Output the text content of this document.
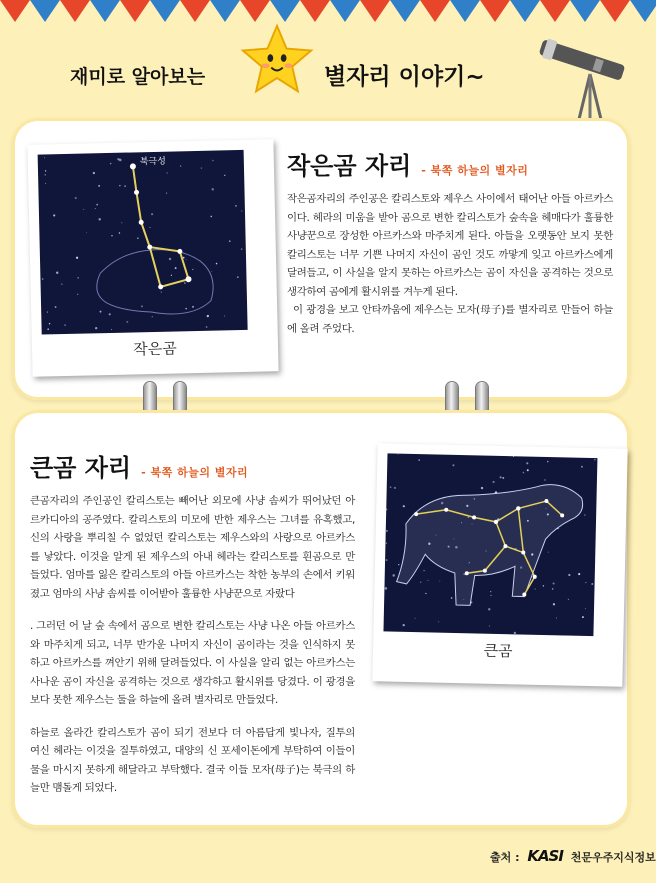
재미로 알아보는	별자리 이야기~
북극성
작은곰
작은곰 자리 - 북쪽 하늘의 별자리

작은곰자리의 주인공은 칼리스토와 제우스 사이에서 태어난 아들 아르카스이다. 헤라의 미움을 받아 곰으로 변한 칼리스토가 숲속을 헤매다가 훌륭한 사냥꾼으로 장성한 아르카스와 마주치게 된다. 아들을 오랫동안 보지 못한 칼리스토는 너무 기쁜 나머지 자신이 곰인 것도 까맣게 잊고 아르카스에게 달려들고, 이 사실을 알지 못하는 아르카스는 곰이 자신을 공격하는 것으로 생각하여 곰에게 활시위를 겨누게 된다.

이 광경을 보고 안타까움에 제우스는 모자(母子)를 별자리로 만들어 하늘에 올려 주었다.

큰곰 자리 - 북쪽 하늘의 별자리

큰곰자리의 주인공인 칼리스토는 빼어난 외모에 사냥 솜씨가 뛰어났던 아르카디아의 공주였다. 칼리스토의 미모에 반한 제우스는 그녀를 유혹했고, 신의 사랑을 뿌리칠 수 없었던 칼리스토는 제우스와의 사랑으로 아르카스를 낳았다. 이것을 알게 된 제우스의 아내 헤라는 칼리스토를 흰곰으로 만들었다. 엄마를 잃은 칼리스토의 아들 아르카스는 착한 농부의 손에서 키워졌고 엄마의 사냥 솜씨를 이어받아 훌륭한 사냥꾼으로 자랐다

. 그러던 어 날 숲 속에서 곰으로 변한 칼리스토는 사냥 나온 아들 아르카스와 마주치게 되고, 너무 반가운 나머지 자신이 곰이라는 것을 인식하지 못하고 아르카스를 껴안기 위해 달려들었다. 이 사실을 알리 없는 아르카스는 사나운 곰이 자신을 공격하는 것으로 생각하고 활시위를 당겼다. 이 광경을 보다 못한 제우스는 둘을 하늘에 올려 별자리로 만들었다.

하늘로 올라간 칼리스토가 곰이 되기 전보다 더 아름답게 빛나자, 질투의 여신 헤라는 이것을 질투하였고, 대양의 신 포세이돈에게 부탁하여 이들이 물을 마시지 못하게 해달라고 부탁했다. 결국 이들 모자(母子)는 북극의 하늘만 맴돌게 되었다.

큰곰
출처 : KASI 천문우주지식정보
